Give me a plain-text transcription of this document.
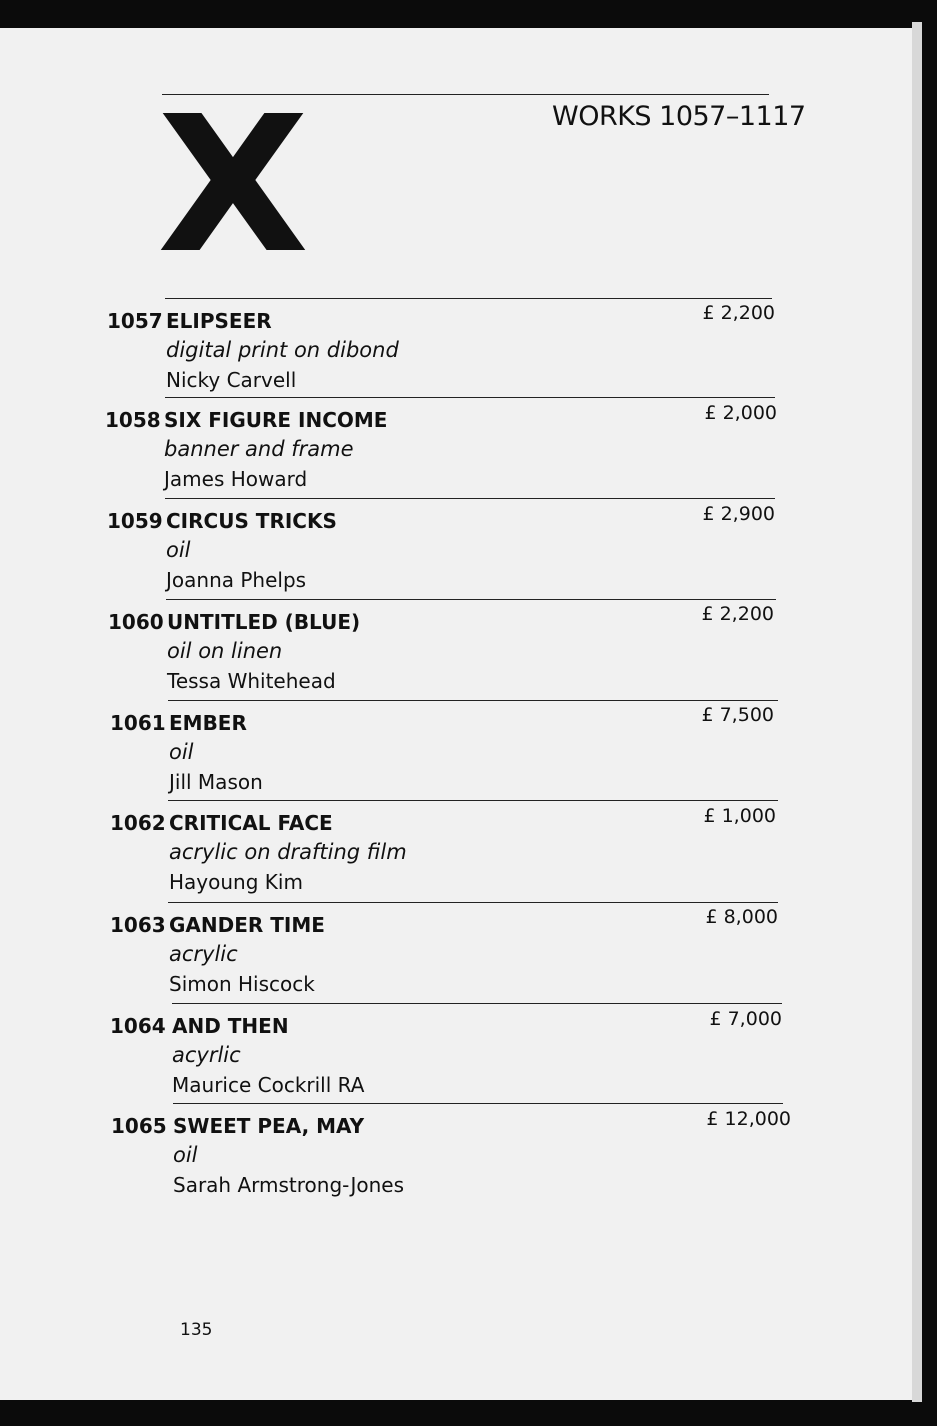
X	WORKS 1057–1117
1057 ELIPSEER
digital print on dibond
Nicky Carvell
£ 2,200
1058 SIX FIGURE INCOME
banner and frame
James Howard
£ 2,000
1059 CIRCUS TRICKS
oil
Joanna Phelps
£ 2,900
1060 UNTITLED (BLUE)
oil on linen
Tessa Whitehead
£ 2,200
1061 EMBER
oil
Jill Mason
£ 7,500
1062 CRITICAL FACE
acrylic on drafting film
Hayoung Kim
£ 1,000
1063 GANDER TIME
acrylic
Simon Hiscock
£ 8,000
1064 AND THEN
acyrlic
Maurice Cockrill RA
£ 7,000
1065 SWEET PEA, MAY
oil
Sarah Armstrong-Jones
£ 12,000
135
